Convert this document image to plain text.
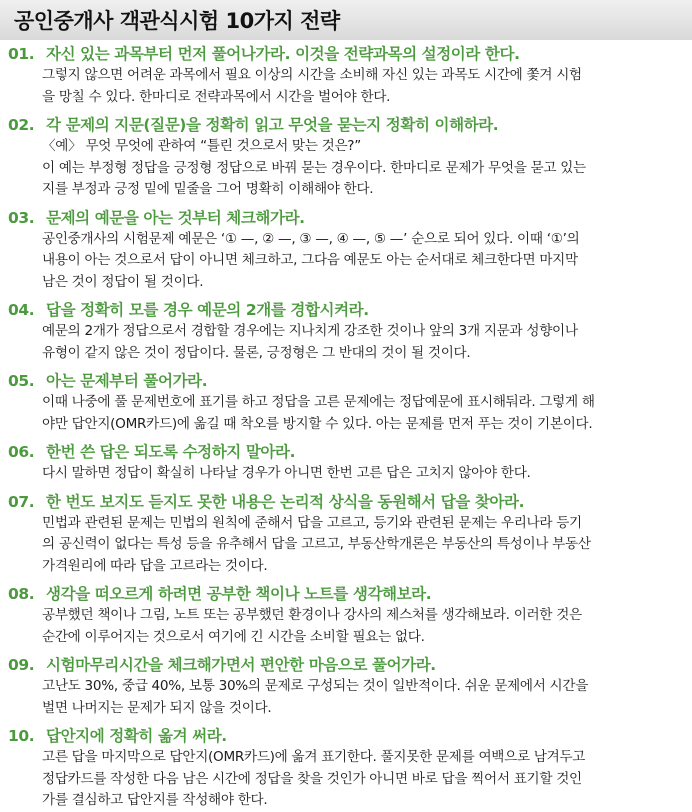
공인중개사 객관식시험 10가지 전략
01. 자신 있는 과목부터 먼저 풀어나가라. 이것을 전략과목의 설정이라 한다.
그렇지 않으면 어려운 과목에서 필요 이상의 시간을 소비해 자신 있는 과목도 시간에 쫓겨 시험
을 망칠 수 있다. 한마디로 전략과목에서 시간을 벌어야 한다.
02. 각 문제의 지문(질문)을 정확히 읽고 무엇을 묻는지 정확히 이해하라.
〈예〉 무엇 무엇에 관하여 “틀린 것으로서 맞는 것은?”
이 예는 부정형 정답을 긍정형 정답으로 바꿔 묻는 경우이다. 한마디로 문제가 무엇을 묻고 있는
지를 부정과 긍정 밑에 밑줄을 그어 명확히 이해해야 한다.
03. 문제의 예문을 아는 것부터 체크해가라.
공인중개사의 시험문제 예문은 ‘① —, ② —, ③ —, ④ —, ⑤ —’ 순으로 되어 있다. 이때 ‘①’의
내용이 아는 것으로서 답이 아니면 체크하고, 그다음 예문도 아는 순서대로 체크한다면 마지막
남은 것이 정답이 될 것이다.
04. 답을 정확히 모를 경우 예문의 2개를 경합시켜라.
예문의 2개가 정답으로서 경합할 경우에는 지나치게 강조한 것이나 앞의 3개 지문과 성향이나
유형이 같지 않은 것이 정답이다. 물론, 긍정형은 그 반대의 것이 될 것이다.
05. 아는 문제부터 풀어가라.
이때 나중에 풀 문제번호에 표기를 하고 정답을 고른 문제에는 정답예문에 표시해둬라. 그렇게 해
야만 답안지(OMR카드)에 옮길 때 착오를 방지할 수 있다. 아는 문제를 먼저 푸는 것이 기본이다.
06. 한번 쓴 답은 되도록 수정하지 말아라.
다시 말하면 정답이 확실히 나타날 경우가 아니면 한번 고른 답은 고치지 않아야 한다.
07. 한 번도 보지도 듣지도 못한 내용은 논리적 상식을 동원해서 답을 찾아라.
민법과 관련된 문제는 민법의 원칙에 준해서 답을 고르고, 등기와 관련된 문제는 우리나라 등기
의 공신력이 없다는 특성 등을 유추해서 답을 고르고, 부동산학개론은 부동산의 특성이나 부동산
가격원리에 따라 답을 고르라는 것이다.
08. 생각을 떠오르게 하려면 공부한 책이나 노트를 생각해보라.
공부했던 책이나 그림, 노트 또는 공부했던 환경이나 강사의 제스처를 생각해보라. 이러한 것은
순간에 이루어지는 것으로서 여기에 긴 시간을 소비할 필요는 없다.
09. 시험마무리시간을 체크해가면서 편안한 마음으로 풀어가라.
고난도 30%, 중급 40%, 보통 30%의 문제로 구성되는 것이 일반적이다. 쉬운 문제에서 시간을
벌면 나머지는 문제가 되지 않을 것이다.
10. 답안지에 정확히 옮겨 써라.
고른 답을 마지막으로 답안지(OMR카드)에 옮겨 표기한다. 풀지못한 문제를 여백으로 남겨두고
정답카드를 작성한 다음 남은 시간에 정답을 찾을 것인가 아니면 바로 답을 찍어서 표기할 것인
가를 결심하고 답안지를 작성해야 한다.
